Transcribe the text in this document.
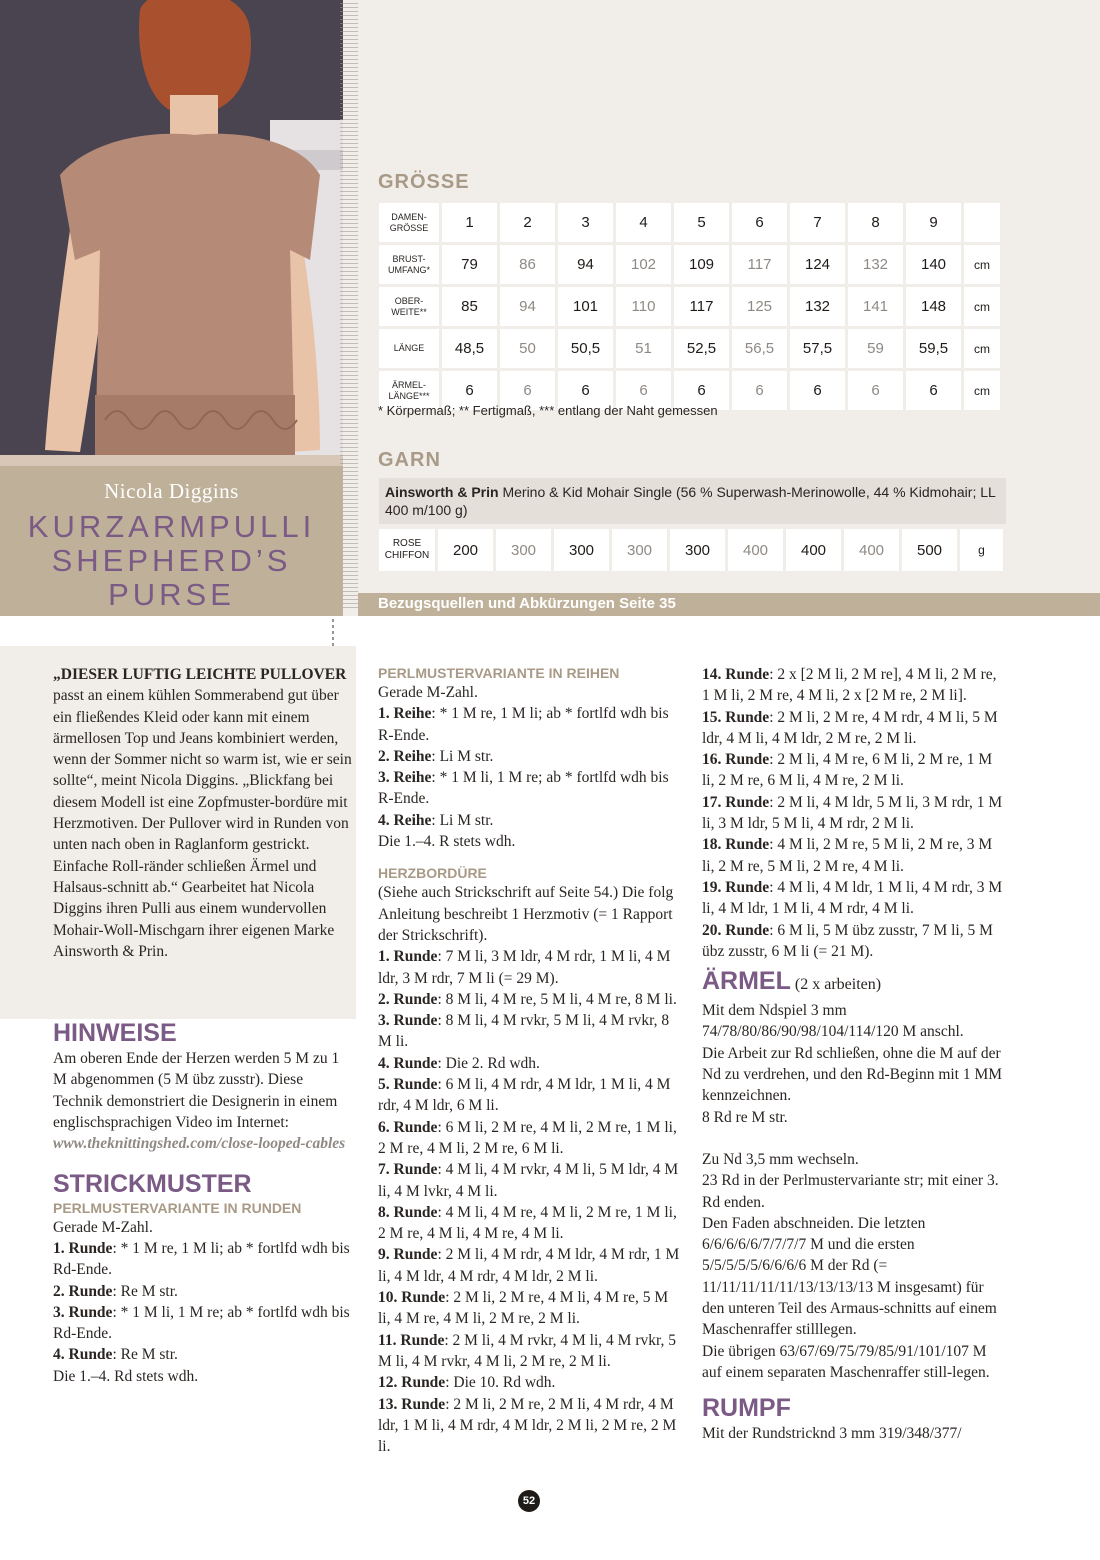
Nicola Diggins
KURZARMPULLI
SHEPHERD’S
PURSE
GRÖSSE
DAMEN-
GRÖSSE	1	2	3	4	5	6	7	8	9	
BRUST-
UMFANG*	79	86	94	102	109	117	124	132	140	cm
OBER-
WEITE**	85	94	101	110	117	125	132	141	148	cm
LÄNGE	48,5	50	50,5	51	52,5	56,5	57,5	59	59,5	cm
ÄRMEL-
LÄNGE***	6	6	6	6	6	6	6	6	6	cm
* Körpermaß; ** Fertigmaß, *** entlang der Naht gemessen
GARN
Ainsworth & Prin Merino & Kid Mohair Single (56 % Superwash-Merinowolle, 44 % Kidmohair; LL 400 m/100 g)
ROSE
CHIFFON	200	300	300	300	300	400	400	400	500	g
Bezugsquellen und Abkürzungen Seite 35

„DIESER LUFTIG LEICHTE PULLOVER passt an einem kühlen Sommerabend gut über ein fließendes Kleid oder kann mit einem ärmellosen Top und Jeans kombiniert werden, wenn der Sommer nicht so warm ist, wie er sein sollte“, meint Nicola Diggins. „Blickfang bei diesem Modell ist eine Zopfmuster-bordüre mit Herzmotiven. Der Pullover wird in Runden von unten nach oben in Raglanform gestrickt. Einfache Roll-ränder schließen Ärmel und Halsaus-schnitt ab.“ Gearbeitet hat Nicola Diggins ihren Pulli aus einem wundervollen Mohair-Woll-Mischgarn ihrer eigenen Marke Ainsworth & Prin.

HINWEISE

Am oberen Ende der Herzen werden 5 M zu 1 M abgenommen (5 M übz zusstr). Diese Technik demonstriert die Designerin in einem englischsprachigen Video im Internet: www.theknittingshed.com/close-looped-cables

STRICKMUSTER
PERLMUSTERVARIANTE IN RUNDEN

Gerade M-Zahl.

1. Runde: * 1 M re, 1 M li; ab * fortlfd wdh bis Rd-Ende.

2. Runde: Re M str.

3. Runde: * 1 M li, 1 M re; ab * fortlfd wdh bis Rd-Ende.

4. Runde: Re M str.

Die 1.–4. Rd stets wdh.

PERLMUSTERVARIANTE IN REIHEN

Gerade M-Zahl.

1. Reihe: * 1 M re, 1 M li; ab * fortlfd wdh bis R-Ende.

2. Reihe: Li M str.

3. Reihe: * 1 M li, 1 M re; ab * fortlfd wdh bis R-Ende.

4. Reihe: Li M str.

Die 1.–4. R stets wdh.

HERZBORDÜRE

(Siehe auch Strickschrift auf Seite 54.) Die folg Anleitung beschreibt 1 Herzmotiv (= 1 Rapport der Strickschrift).

1. Runde: 7 M li, 3 M ldr, 4 M rdr, 1 M li, 4 M ldr, 3 M rdr, 7 M li (= 29 M).

2. Runde: 8 M li, 4 M re, 5 M li, 4 M re, 8 M li.

3. Runde: 8 M li, 4 M rvkr, 5 M li, 4 M rvkr, 8 M li.

4. Runde: Die 2. Rd wdh.

5. Runde: 6 M li, 4 M rdr, 4 M ldr, 1 M li, 4 M rdr, 4 M ldr, 6 M li.

6. Runde: 6 M li, 2 M re, 4 M li, 2 M re, 1 M li, 2 M re, 4 M li, 2 M re, 6 M li.

7. Runde: 4 M li, 4 M rvkr, 4 M li, 5 M ldr, 4 M li, 4 M lvkr, 4 M li.

8. Runde: 4 M li, 4 M re, 4 M li, 2 M re, 1 M li, 2 M re, 4 M li, 4 M re, 4 M li.

9. Runde: 2 M li, 4 M rdr, 4 M ldr, 4 M rdr, 1 M li, 4 M ldr, 4 M rdr, 4 M ldr, 2 M li.

10. Runde: 2 M li, 2 M re, 4 M li, 4 M re, 5 M li, 4 M re, 4 M li, 2 M re, 2 M li.

11. Runde: 2 M li, 4 M rvkr, 4 M li, 4 M rvkr, 5 M li, 4 M rvkr, 4 M li, 2 M re, 2 M li.

12. Runde: Die 10. Rd wdh.

13. Runde: 2 M li, 2 M re, 2 M li, 4 M rdr, 4 M ldr, 1 M li, 4 M rdr, 4 M ldr, 2 M li, 2 M re, 2 M li.

14. Runde: 2 x [2 M li, 2 M re], 4 M li, 2 M re, 1 M li, 2 M re, 4 M li, 2 x [2 M re, 2 M li].

15. Runde: 2 M li, 2 M re, 4 M rdr, 4 M li, 5 M ldr, 4 M li, 4 M ldr, 2 M re, 2 M li.

16. Runde: 2 M li, 4 M re, 6 M li, 2 M re, 1 M li, 2 M re, 6 M li, 4 M re, 2 M li.

17. Runde: 2 M li, 4 M ldr, 5 M li, 3 M rdr, 1 M li, 3 M ldr, 5 M li, 4 M rdr, 2 M li.

18. Runde: 4 M li, 2 M re, 5 M li, 2 M re, 3 M li, 2 M re, 5 M li, 2 M re, 4 M li.

19. Runde: 4 M li, 4 M ldr, 1 M li, 4 M rdr, 3 M li, 4 M ldr, 1 M li, 4 M rdr, 4 M li.

20. Runde: 6 M li, 5 M übz zusstr, 7 M li, 5 M übz zusstr, 6 M li (= 21 M).

ÄRMEL (2 x arbeiten)

Mit dem Ndspiel 3 mm 74/78/80/86/90/98/104/114/120 M anschl.

Die Arbeit zur Rd schließen, ohne die M auf der Nd zu verdrehen, und den Rd-Beginn mit 1 MM kennzeichnen.

8 Rd re M str.

Zu Nd 3,5 mm wechseln.

23 Rd in der Perlmustervariante str; mit einer 3. Rd enden.

Den Faden abschneiden. Die letzten 6/6/6/6/6/7/7/7/7 M und die ersten 5/5/5/5/5/6/6/6/6 M der Rd (= 11/11/11/11/11/13/13/13/13 M insgesamt) für den unteren Teil des Armaus-schnitts auf einem Maschenraffer stilllegen.

Die übrigen 63/67/69/75/79/85/91/101/107 M auf einem separaten Maschenraffer still-legen.

RUMPF

Mit der Rundstricknd 3 mm 319/348/377/

52
